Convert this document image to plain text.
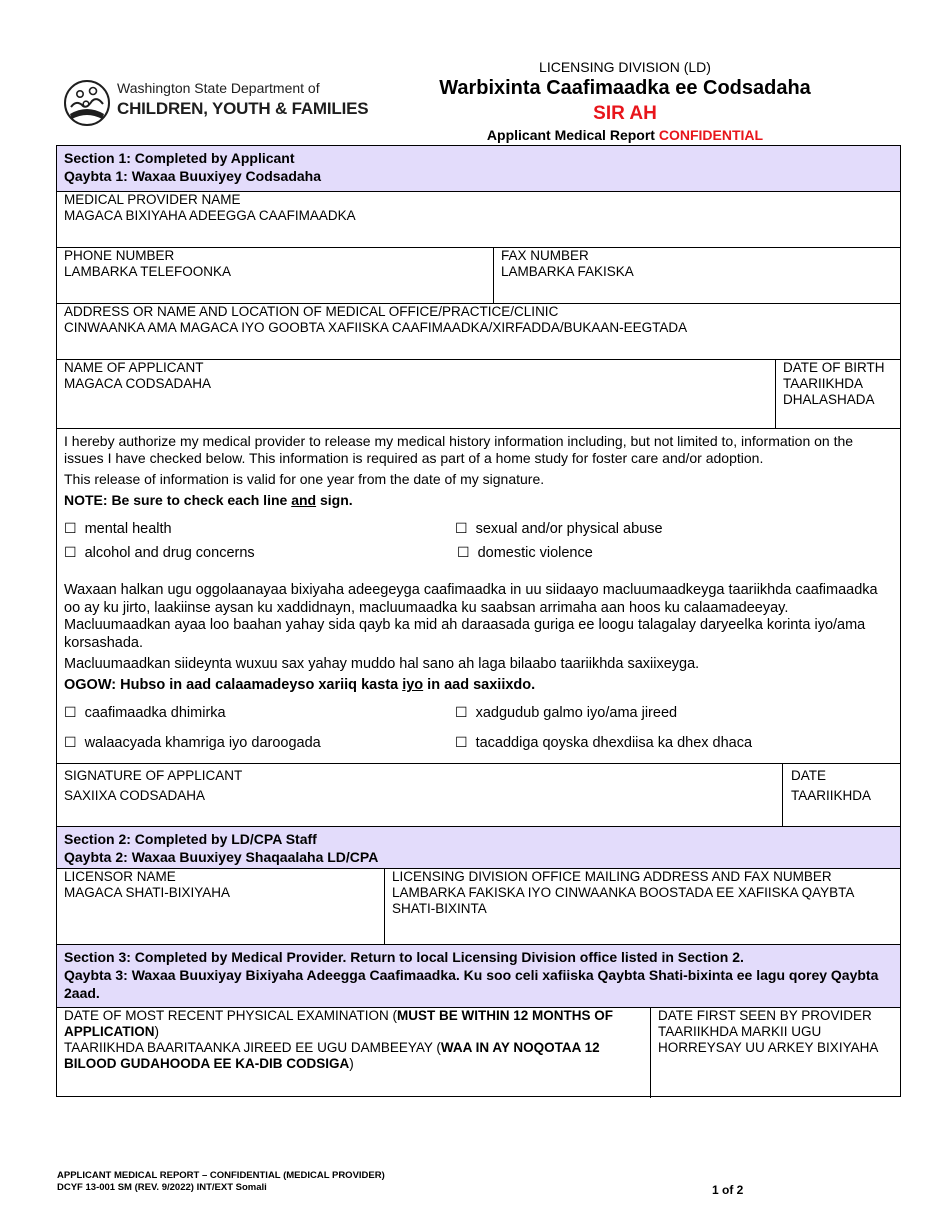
Washington State Department of
CHILDREN, YOUTH & FAMILIES
LICENSING DIVISION (LD)
Warbixinta Caafimaadka ee Codsadaha
SIR AH
Applicant Medical Report CONFIDENTIAL
Section 1: Completed by Applicant
Qaybta 1: Waxaa Buuxiyey Codsadaha
MEDICAL PROVIDER NAME
MAGACA BIXIYAHA ADEEGGA CAAFIMAADKA
PHONE NUMBER
LAMBARKA TELEFOONKA
FAX NUMBER
LAMBARKA FAKISKA
ADDRESS OR NAME AND LOCATION OF MEDICAL OFFICE/PRACTICE/CLINIC
CINWAANKA AMA MAGACA IYO GOOBTA XAFIISKA CAAFIMAADKA/XIRFADDA/BUKAAN-EEGTADA
NAME OF APPLICANT
MAGACA CODSADAHA
DATE OF BIRTH
TAARIIKHDA
DHALASHADA
I hereby authorize my medical provider to release my medical history information including, but not limited to, information on the issues I have checked below. This information is required as part of a home study for foster care and/or adoption.
This release of information is valid for one year from the date of my signature.
NOTE: Be sure to check each line and sign.
☐ mental health	☐ sexual and/or physical abuse
☐ alcohol and drug concerns	☐ domestic violence
Waxaan halkan ugu oggolaanayaa bixiyaha adeegeyga caafimaadka in uu siidaayo macluumaadkeyga taariikhda caafimaadka oo ay ku jirto, laakiinse aysan ku xaddidnayn, macluumaadka ku saabsan arrimaha aan hoos ku calaamadeeyay. Macluumaadkan ayaa loo baahan yahay sida qayb ka mid ah daraasada guriga ee loogu talagalay daryeelka korinta iyo/ama korsashada.
Macluumaadkan siideynta wuxuu sax yahay muddo hal sano ah laga bilaabo taariikhda saxiixeyga.
OGOW: Hubso in aad calaamadeyso xariiq kasta iyo in aad saxiixdo.
☐ caafimaadka dhimirka	☐ xadgudub galmo iyo/ama jireed
☐ walaacyada khamriga iyo daroogada	☐ tacaddiga qoyska dhexdiisa ka dhex dhaca
SIGNATURE OF APPLICANT
SAXIIXA CODSADAHA
DATE
TAARIIKHDA
Section 2: Completed by LD/CPA Staff
Qaybta 2: Waxaa Buuxiyey Shaqaalaha LD/CPA
LICENSOR NAME
MAGACA SHATI-BIXIYAHA
LICENSING DIVISION OFFICE MAILING ADDRESS AND FAX NUMBER
LAMBARKA FAKISKA IYO CINWAANKA BOOSTADA EE XAFIISKA QAYBTA SHATI-BIXINTA
Section 3: Completed by Medical Provider. Return to local Licensing Division office listed in Section 2.
Qaybta 3: Waxaa Buuxiyay Bixiyaha Adeegga Caafimaadka. Ku soo celi xafiiska Qaybta Shati-bixinta ee lagu qorey Qaybta 2aad.
DATE OF MOST RECENT PHYSICAL EXAMINATION (MUST BE WITHIN 12 MONTHS OF APPLICATION)
TAARIIKHDA BAARITAANKA JIREED EE UGU DAMBEEYAY (WAA IN AY NOQOTAA 12 BILOOD GUDAHOODA EE KA-DIB CODSIGA)
DATE FIRST SEEN BY PROVIDER
TAARIIKHDA MARKII UGU HORREYSAY UU ARKEY BIXIYAHA
APPLICANT MEDICAL REPORT – CONFIDENTIAL (MEDICAL PROVIDER)
DCYF 13-001 SM (REV. 9/2022) INT/EXT Somali	1 of 2
